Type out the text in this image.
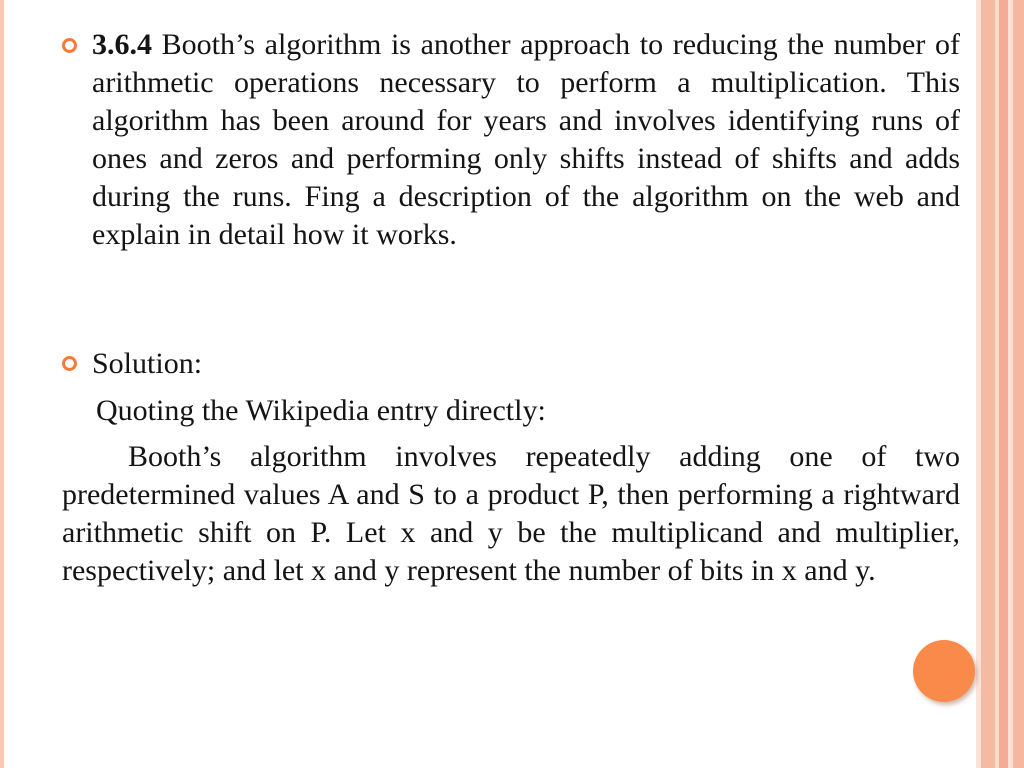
3.6.4 Booth’s algorithm is another approach to reducing the number of arithmetic operations necessary to perform a multiplication. This algorithm has been around for years and involves identifying runs of ones and zeros and performing only shifts instead of shifts and adds during the runs. Fing a description of the algorithm on the web and explain in detail how it works.
Solution:
Quoting the Wikipedia entry directly:
Booth’s algorithm involves repeatedly adding one of two predetermined values A and S to a product P, then performing a rightward arithmetic shift on P. Let x and y be the multiplicand and multiplier, respectively; and let x and y represent the number of bits in x and y.
